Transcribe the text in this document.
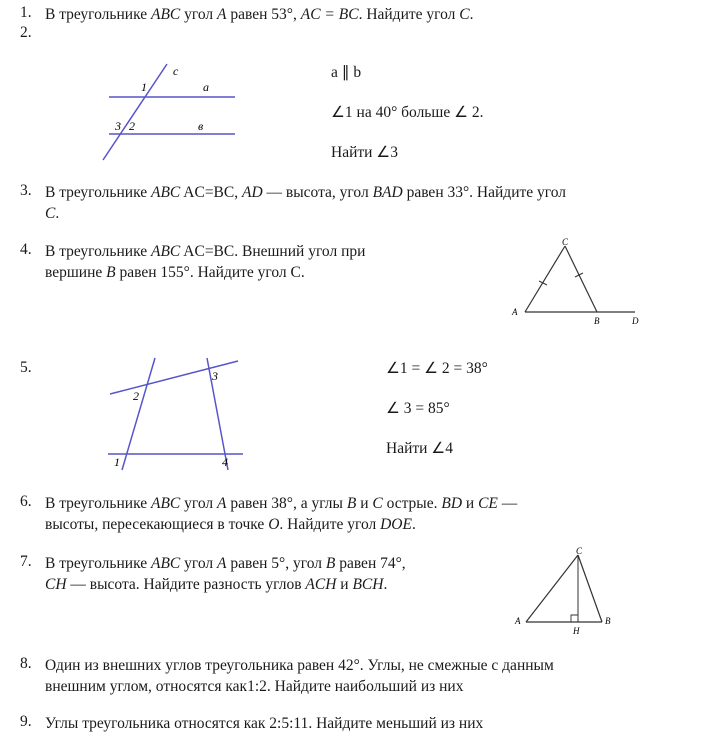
1. В треугольнике ABC угол A равен 53°, AC = BC. Найдите угол C.
2.
1
c
a
3 2	в
a ∥ b
∠1 на 40° больше ∠ 2.
Найти ∠3
3. В треугольнике ABC AC=BC, AD — высота, угол BAD равен 33°. Найдите угол
C.
4. В треугольнике ABC AC=BC. Внешний угол при
вершине B равен 155°. Найдите угол С.
A
C
B	D
5.
2
3
1	4
∠1 = ∠ 2 = 38°
∠ 3 = 85°
Найти ∠4
6. В треугольнике ABC угол A равен 38°, а углы B и C острые. BD и CE —
высоты, пересекающиеся в точке O. Найдите угол DOE.
7. В треугольнике ABC угол A равен 5°, угол B равен 74°,
CH — высота. Найдите разность углов ACH и BCH.
A
C
B
H
8. Один из внешних углов треугольника равен 42°. Углы, не смежные с данным
внешним углом, относятся как1:2. Найдите наибольший из них
9. Углы треугольника относятся как 2:5:11. Найдите меньший из них
